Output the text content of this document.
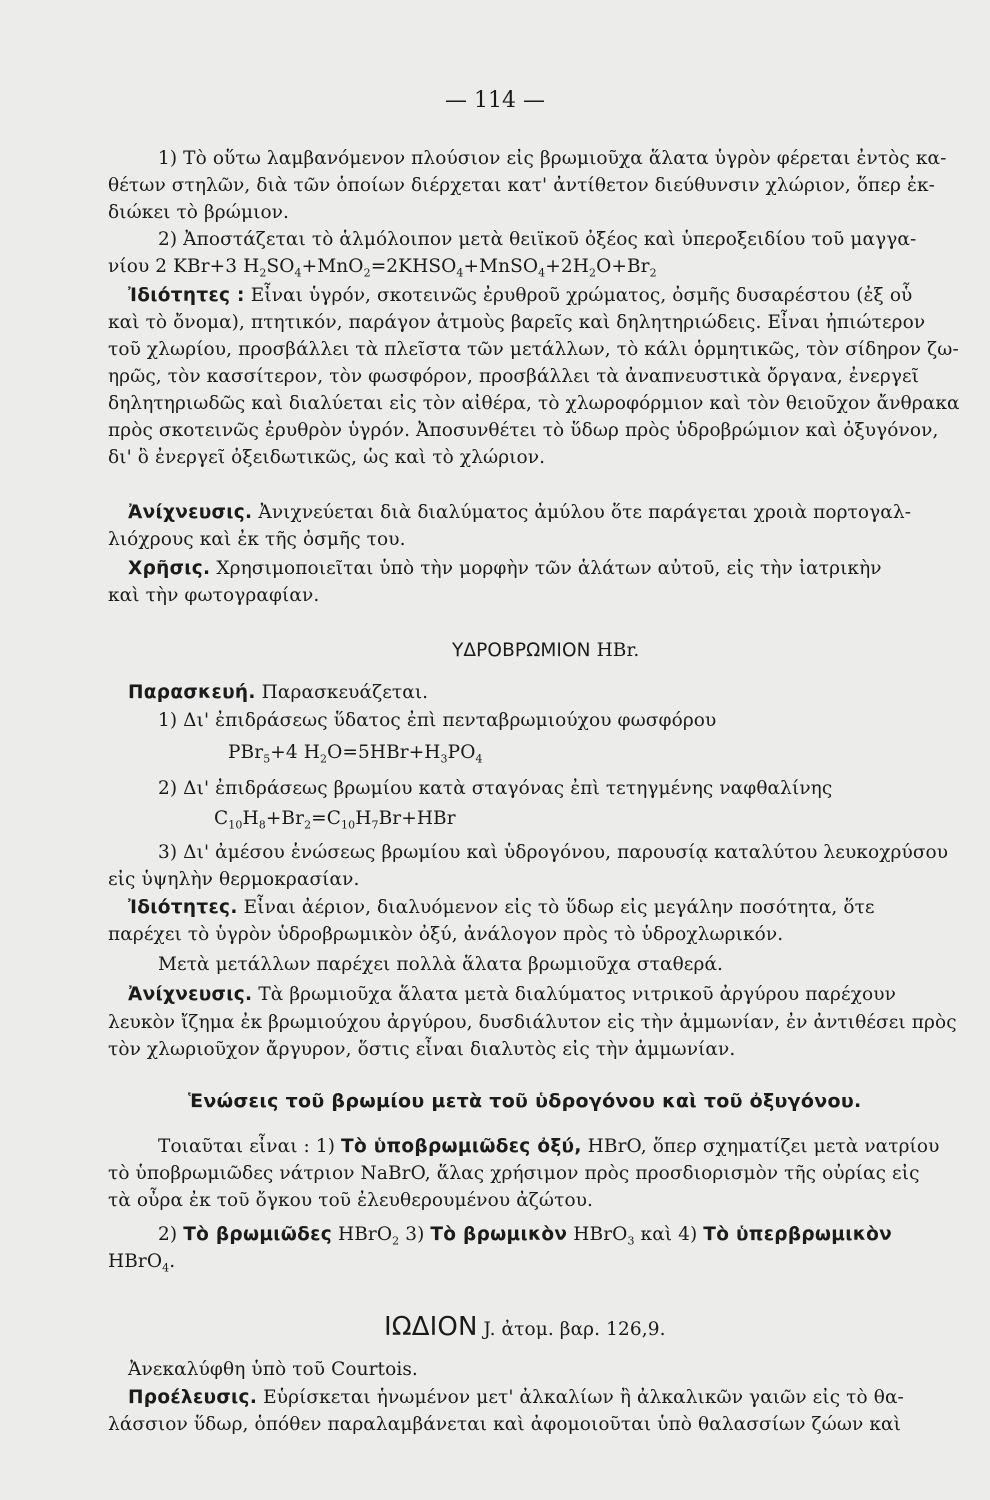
— 114 —
1) Τὸ οὕτω λαμβανόμενον πλούσιον εἰς βρωμιοῦχα ἅλατα ὑγρὸν φέρεται ἐντὸς κα-
θέτων στηλῶν, διὰ τῶν ὁποίων διέρχεται κατ' ἀντίθετον διεύθυνσιν χλώριον, ὅπερ ἐκ-
διώκει τὸ βρώμιον.
2) Ἀποστάζεται τὸ ἁλμόλοιπον μετὰ θειϊκοῦ ὀξέος καὶ ὑπεροξειδίου τοῦ μαγγα-
νίου 2 KBr+3 $H_2SO_4+MnO_2=2KHSO_4+MnSO_4+2H_2O+Br_2$
Ἰδιότητες : Εἶναι ὑγρόν, σκοτεινῶς ἐρυθροῦ χρώματος, ὀσμῆς δυσαρέστου (ἐξ οὗ
καὶ τὸ ὄνομα), πτητικόν, παράγον ἀτμοὺς βαρεῖς καὶ δηλητηριώδεις. Εἶναι ἠπιώτερον
τοῦ χλωρίου, προσβάλλει τὰ πλεῖστα τῶν μετάλλων, τὸ κάλι ὁρμητικῶς, τὸν σίδηρον ζω-
ηρῶς, τὸν κασσίτερον, τὸν φωσφόρον, προσβάλλει τὰ ἀναπνευστικὰ ὄργανα, ἐνεργεῖ
δηλητηριωδῶς καὶ διαλύεται εἰς τὸν αἰθέρα, τὸ χλωροφόρμιον καὶ τὸν θειοῦχον ἄνθρακα
πρὸς σκοτεινῶς ἐρυθρὸν ὑγρόν. Ἀποσυνθέτει τὸ ὕδωρ πρὸς ὑδροβρώμιον καὶ ὀξυγόνον,
δι' ὃ ἐνεργεῖ ὀξειδωτικῶς, ὡς καὶ τὸ χλώριον.
Ἀνίχνευσις. Ἀνιχνεύεται διὰ διαλύματος ἀμύλου ὅτε παράγεται χροιὰ πορτογαλ-
λιόχρους καὶ ἐκ τῆς ὀσμῆς του.
Χρῆσις. Χρησιμοποιεῖται ὑπὸ τὴν μορφὴν τῶν ἁλάτων αὐτοῦ, εἰς τὴν ἰατρικὴν
καὶ τὴν φωτογραφίαν.
ΥΔΡΟΒΡΩΜΙΟΝ HBr.
Παρασκευή. Παρασκευάζεται.
1) Δι' ἐπιδράσεως ὕδατος ἐπὶ πενταβρωμιούχου φωσφόρου
PBr$_5$+4 $H_2O=5HBr+H_3PO_4$
2) Δι' ἐπιδράσεως βρωμίου κατὰ σταγόνας ἐπὶ τετηγμένης ναφθαλίνης
$C_{10}H_8+Br_2=C_{10}H_7Br+HBr$
3) Δι' ἀμέσου ἑνώσεως βρωμίου καὶ ὑδρογόνου, παρουσίᾳ καταλύτου λευκοχρύσου
εἰς ὑψηλὴν θερμοκρασίαν.
Ἰδιότητες. Εἶναι ἀέριον, διαλυόμενον εἰς τὸ ὕδωρ εἰς μεγάλην ποσότητα, ὅτε
παρέχει τὸ ὑγρὸν ὑδροβρωμικὸν ὀξύ, ἀνάλογον πρὸς τὸ ὑδροχλωρικόν.
Μετὰ μετάλλων παρέχει πολλὰ ἅλατα βρωμιοῦχα σταθερά.
Ἀνίχνευσις. Τὰ βρωμιοῦχα ἅλατα μετὰ διαλύματος νιτρικοῦ ἀργύρου παρέχουν
λευκὸν ἴζημα ἐκ βρωμιούχου ἀργύρου, δυσδιάλυτον εἰς τὴν ἀμμωνίαν, ἐν ἀντιθέσει πρὸς
τὸν χλωριοῦχον ἄργυρον, ὅστις εἶναι διαλυτὸς εἰς τὴν ἀμμωνίαν.
Ἑνώσεις τοῦ βρωμίου μετὰ τοῦ ὑδρογόνου καὶ τοῦ ὀξυγόνου.
Τοιαῦται εἶναι : 1) Τὸ ὑποβρωμιῶδες ὀξύ, HBrO, ὅπερ σχηματίζει μετὰ νατρίου
τὸ ὑποβρωμιῶδες νάτριον NaBrO, ἅλας χρήσιμον πρὸς προσδιορισμὸν τῆς οὐρίας εἰς
τὰ οὖρα ἐκ τοῦ ὄγκου τοῦ ἐλευθερουμένου ἀζώτου.
2) Τὸ βρωμιῶδες HBrO$_2$ 3) Τὸ βρωμικὸν HBrO$_3$ καὶ 4) Τὸ ὑπερβρωμικὸν
HBrO$_4$.
ΙΩΔΙΟΝ J. ἀτομ. βαρ. 126,9.
Ἀνεκαλύφθη ὑπὸ τοῦ Courtois.
Προέλευσις. Εὑρίσκεται ἡνωμένον μετ' ἀλκαλίων ἢ ἀλκαλικῶν γαιῶν εἰς τὸ θα-
λάσσιον ὕδωρ, ὁπόθεν παραλαμβάνεται καὶ ἀφομοιοῦται ὑπὸ θαλασσίων ζώων καὶ
